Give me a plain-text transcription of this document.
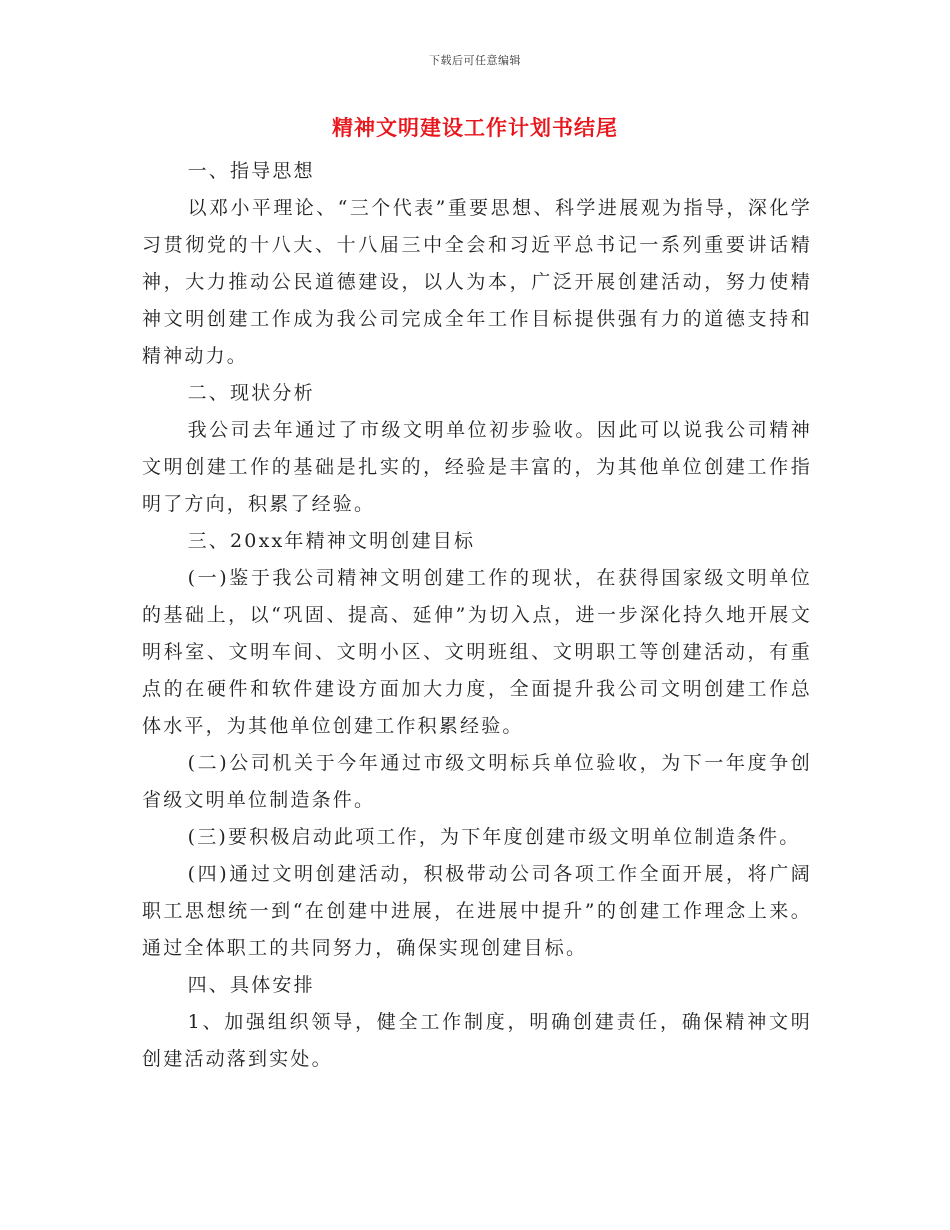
下载后可任意编辑
精神文明建设工作计划书结尾

一、指导思想

以邓小平理论、“三个代表”重要思想、科学进展观为指导，深化学习贯彻党的十八大、十八届三中全会和习近平总书记一系列重要讲话精神，大力推动公民道德建设，以人为本，广泛开展创建活动，努力使精神文明创建工作成为我公司完成全年工作目标提供强有力的道德支持和精神动力。

二、现状分析

我公司去年通过了市级文明单位初步验收。因此可以说我公司精神文明创建工作的基础是扎实的，经验是丰富的，为其他单位创建工作指明了方向，积累了经验。

三、20xx年精神文明创建目标

(一)鉴于我公司精神文明创建工作的现状，在获得国家级文明单位的基础上，以“巩固、提高、延伸”为切入点，进一步深化持久地开展文明科室、文明车间、文明小区、文明班组、文明职工等创建活动，有重点的在硬件和软件建设方面加大力度，全面提升我公司文明创建工作总体水平，为其他单位创建工作积累经验。

(二)公司机关于今年通过市级文明标兵单位验收，为下一年度争创省级文明单位制造条件。

(三)要积极启动此项工作，为下年度创建市级文明单位制造条件。

(四)通过文明创建活动，积极带动公司各项工作全面开展，将广阔职工思想统一到“在创建中进展，在进展中提升”的创建工作理念上来。通过全体职工的共同努力，确保实现创建目标。

四、具体安排

1、加强组织领导，健全工作制度，明确创建责任，确保精神文明创建活动落到实处。
